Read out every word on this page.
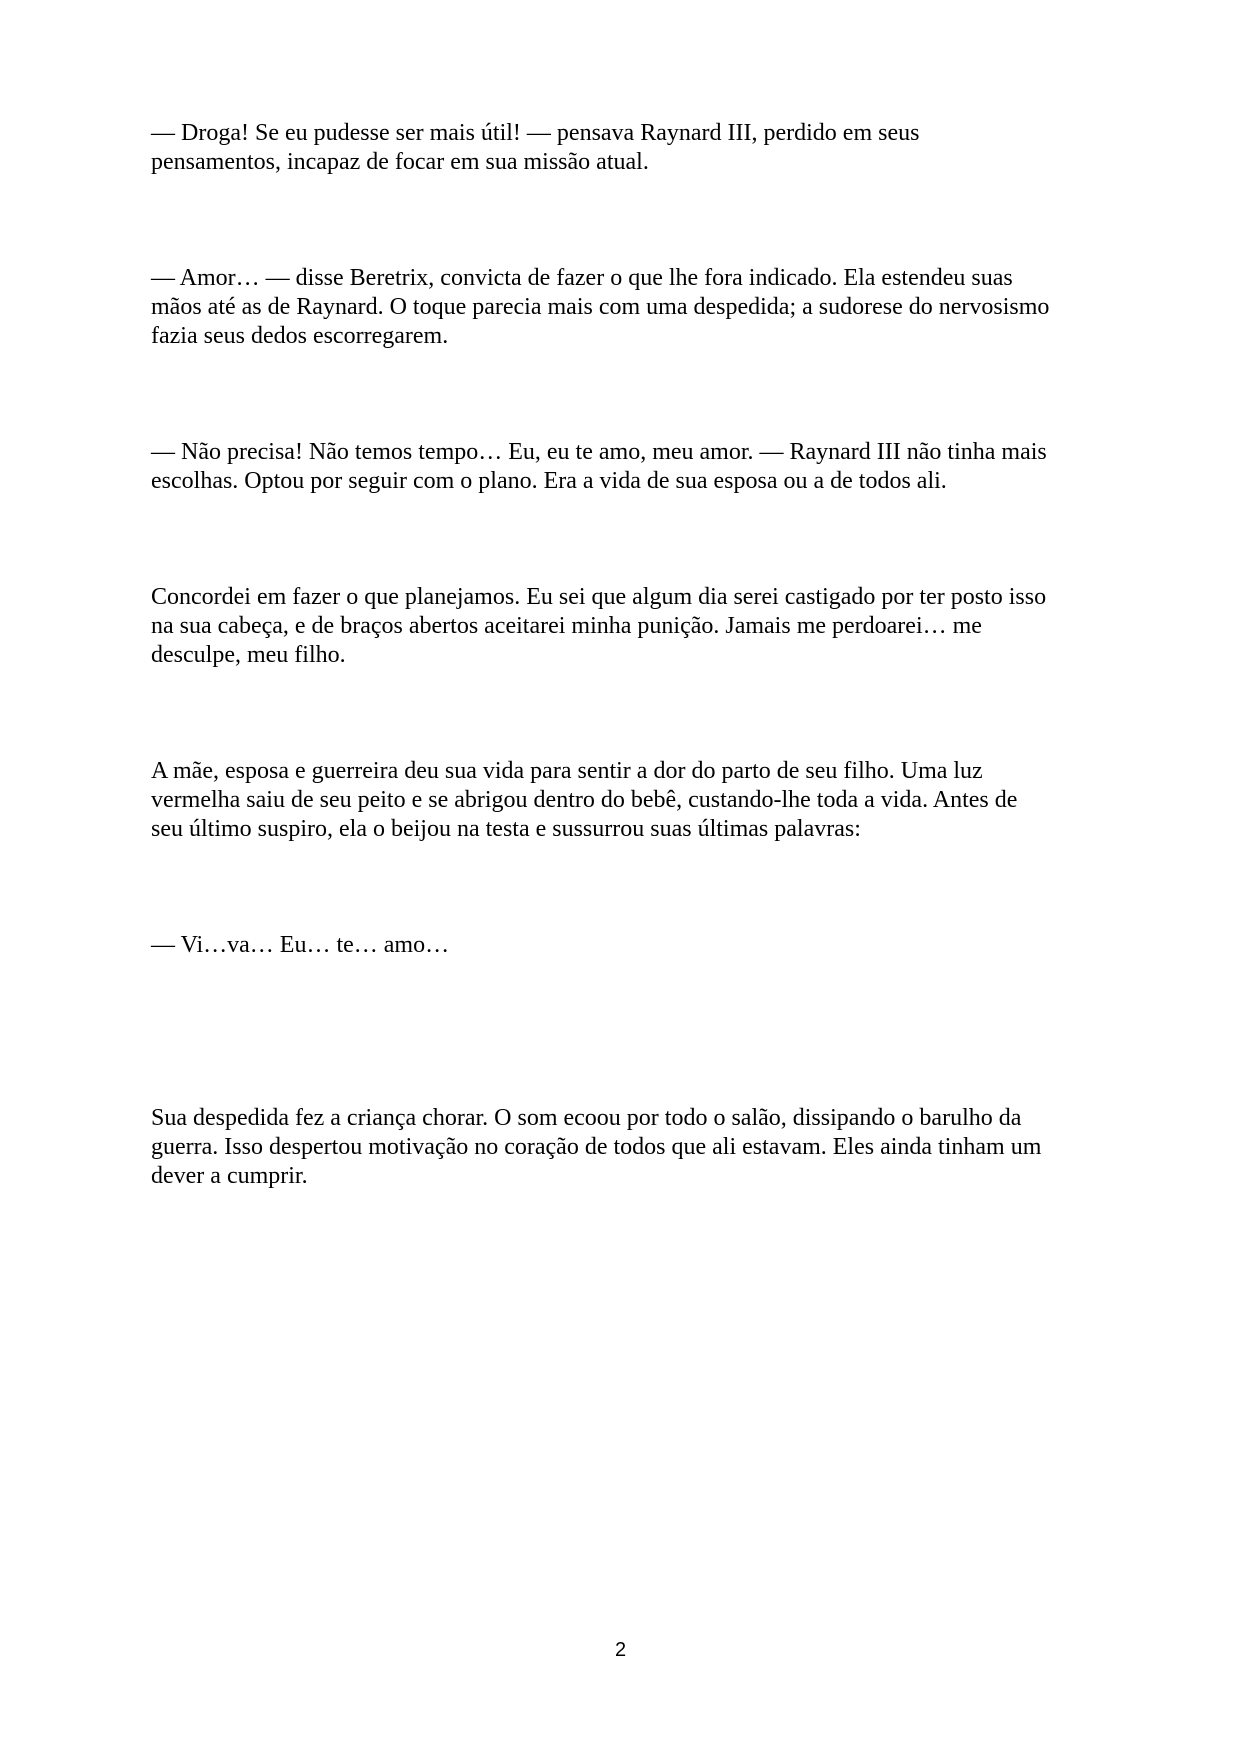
— Droga! Se eu pudesse ser mais útil! — pensava Raynard III, perdido em seus
pensamentos, incapaz de focar em sua missão atual.

— Amor… — disse Beretrix, convicta de fazer o que lhe fora indicado. Ela estendeu suas
mãos até as de Raynard. O toque parecia mais com uma despedida; a sudorese do nervosismo
fazia seus dedos escorregarem.

— Não precisa! Não temos tempo… Eu, eu te amo, meu amor. — Raynard III não tinha mais
escolhas. Optou por seguir com o plano. Era a vida de sua esposa ou a de todos ali.

Concordei em fazer o que planejamos. Eu sei que algum dia serei castigado por ter posto isso
na sua cabeça, e de braços abertos aceitarei minha punição. Jamais me perdoarei… me
desculpe, meu filho.

A mãe, esposa e guerreira deu sua vida para sentir a dor do parto de seu filho. Uma luz
vermelha saiu de seu peito e se abrigou dentro do bebê, custando-lhe toda a vida. Antes de
seu último suspiro, ela o beijou na testa e sussurrou suas últimas palavras:

— Vi…va… Eu… te… amo…

Sua despedida fez a criança chorar. O som ecoou por todo o salão, dissipando o barulho da
guerra. Isso despertou motivação no coração de todos que ali estavam. Eles ainda tinham um
dever a cumprir.

2
